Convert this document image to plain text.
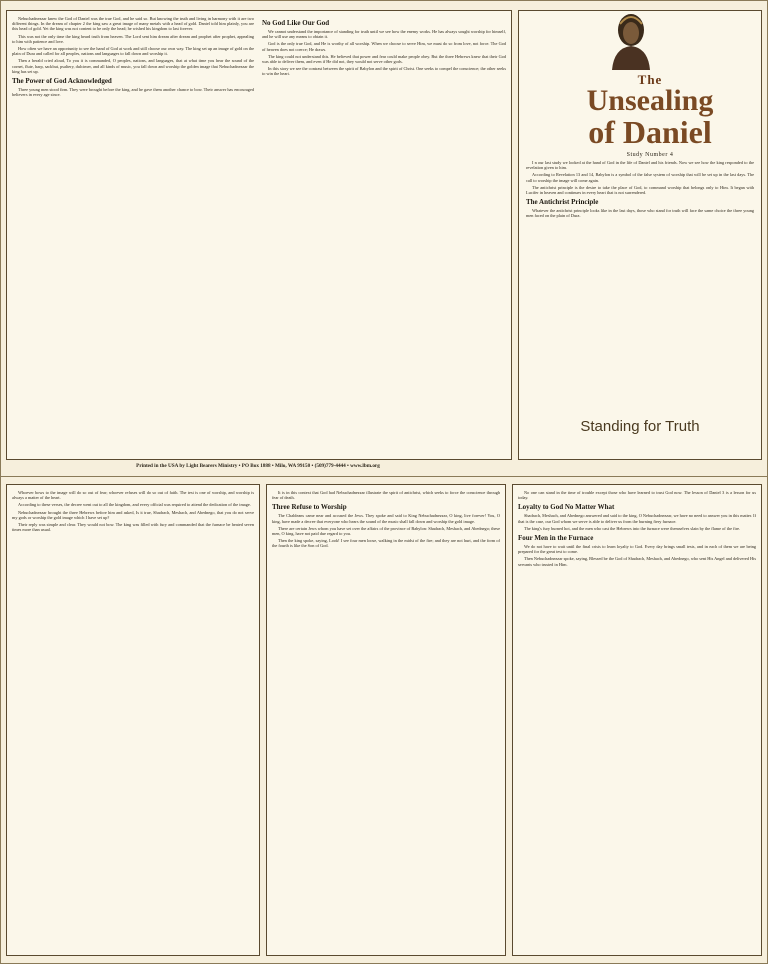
Nebuchadnezzar knew the God of Daniel was the true God, and he said so. But knowing the truth and living in harmony with it are two different things. In the dream of chapter 2 the king saw a great image of many metals with a head of gold. Daniel told him plainly, you are this head of gold. Yet the king was not content to be only the head; he wished his kingdom to last forever.

This was not the only time the king heard truth from heaven. The Lord sent him dream after dream and prophet after prophet, appealing to him with patience and love.

How often we have an opportunity to see the hand of God at work and still choose our own way. The king set up an image of gold on the plain of Dura and called for all peoples, nations and languages to fall down and worship it.

Then a herald cried aloud, To you it is commanded, O peoples, nations, and languages, that at what time you hear the sound of the cornet, flute, harp, sackbut, psaltery, dulcimer, and all kinds of music, you fall down and worship the golden image that Nebuchadnezzar the king has set up.

The Power of God Acknowledged

Three young men stood firm. They were brought before the king, and he gave them another chance to bow. Their answer has encouraged believers in every age since.

No God Like Our God

We cannot understand the importance of standing for truth until we see how the enemy works. He has always sought worship for himself, and he will use any means to obtain it.

God is the only true God, and He is worthy of all worship. When we choose to serve Him, we must do so from love, not force. The God of heaven does not coerce; He draws.

The king could not understand this. He believed that power and fear could make people obey. But the three Hebrews knew that their God was able to deliver them, and even if He did not, they would not serve other gods.

In this story we see the contrast between the spirit of Babylon and the spirit of Christ. One seeks to compel the conscience; the other seeks to win the heart.

Printed in the USA by Light Bearers Ministry • PO Box 1888 • Milo, WA 99150 • (509)779-4444 • www.lbm.org
The
Unsealing
of Daniel
Study Number 4

I n our last study we looked at the hand of God in the life of Daniel and his friends. Now we see how the king responded to the revelation given to him.

According to Revelation 13 and 14, Babylon is a symbol of the false system of worship that will be set up in the last days. The call to worship the image will come again.

The antichrist principle is the desire to take the place of God, to command worship that belongs only to Him. It began with Lucifer in heaven and continues in every heart that is not surrendered.

The Antichrist Principle

Whatever the antichrist principle looks like in the last days, those who stand for truth will face the same choice the three young men faced on the plain of Dura.

Standing for Truth

Whoever bows to the image will do so out of fear; whoever refuses will do so out of faith. The test is one of worship, and worship is always a matter of the heart.

According to these verses, the decree went out to all the kingdom, and every official was required to attend the dedication of the image.

Nebuchadnezzar brought the three Hebrews before him and asked, Is it true, Shadrach, Meshach, and Abednego, that you do not serve my gods or worship the gold image which I have set up?

Their reply was simple and clear. They would not bow. The king was filled with fury and commanded that the furnace be heated seven times more than usual.

It is in this context that God had Nebuchadnezzar illustrate the spirit of antichrist, which seeks to force the conscience through fear of death.

Three Refuse to Worship

The Chaldeans came near and accused the Jews. They spoke and said to King Nebuchadnezzar, O king, live forever! You, O king, have made a decree that everyone who hears the sound of the music shall fall down and worship the gold image.

There are certain Jews whom you have set over the affairs of the province of Babylon: Shadrach, Meshach, and Abednego; these men, O king, have not paid due regard to you.

Then the king spoke, saying, Look! I see four men loose, walking in the midst of the fire; and they are not hurt, and the form of the fourth is like the Son of God.

No one can stand in the time of trouble except those who have learned to trust God now. The lesson of Daniel 3 is a lesson for us today.

Loyalty to God No Matter What

Shadrach, Meshach, and Abednego answered and said to the king, O Nebuchadnezzar, we have no need to answer you in this matter. If that is the case, our God whom we serve is able to deliver us from the burning fiery furnace.

The king's fury burned hot, and the men who cast the Hebrews into the furnace were themselves slain by the flame of the fire.

Four Men in the Furnace

We do not have to wait until the final crisis to learn loyalty to God. Every day brings small tests, and in each of them we are being prepared for the great test to come.

Then Nebuchadnezzar spoke, saying, Blessed be the God of Shadrach, Meshach, and Abednego, who sent His Angel and delivered His servants who trusted in Him.
